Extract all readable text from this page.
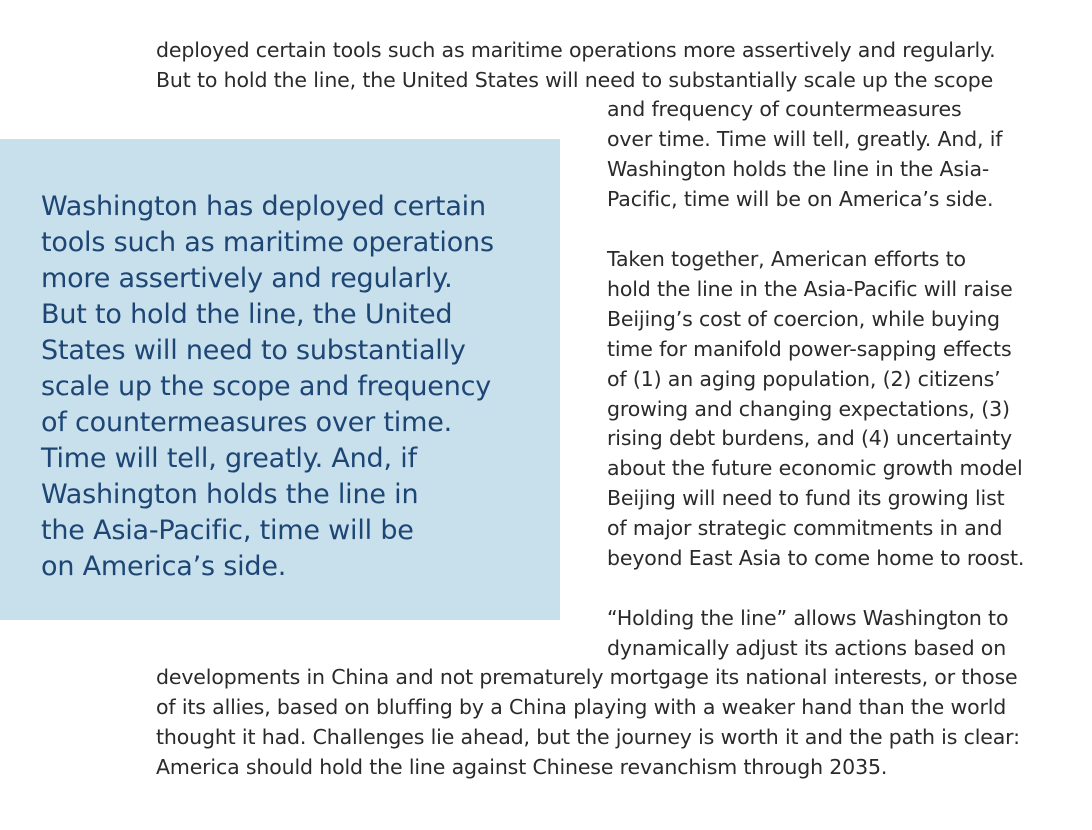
Washington has deployed certain
tools such as maritime operations
more assertively and regularly.
But to hold the line, the United
States will need to substantially
scale up the scope and frequency
of countermeasures over time.
Time will tell, greatly. And, if
Washington holds the line in
the Asia-Pacific, time will be
on America’s side.
deployed certain tools such as maritime operations more assertively and regularly.
But to hold the line, the United States will need to substantially scale up the scope
and frequency of countermeasures
over time. Time will tell, greatly. And, if
Washington holds the line in the Asia-
Pacific, time will be on America’s side.
Taken together, American efforts to
hold the line in the Asia-Pacific will raise
Beijing’s cost of coercion, while buying
time for manifold power-sapping effects
of (1) an aging population, (2) citizens’
growing and changing expectations, (3)
rising debt burdens, and (4) uncertainty
about the future economic growth model
Beijing will need to fund its growing list
of major strategic commitments in and
beyond East Asia to come home to roost.
“Holding the line” allows Washington to
dynamically adjust its actions based on
developments in China and not prematurely mortgage its national interests, or those
of its allies, based on bluffing by a China playing with a weaker hand than the world
thought it had. Challenges lie ahead, but the journey is worth it and the path is clear:
America should hold the line against Chinese revanchism through 2035.
